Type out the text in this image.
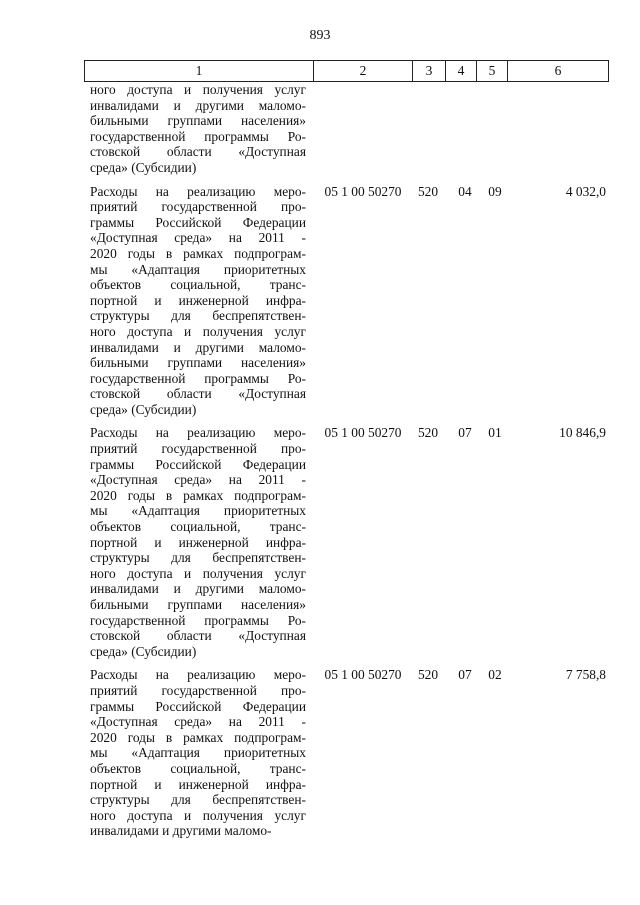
893
1	2	3	4	5	6
ного доступа и получения услуг
инвалидами и другими маломо-
бильными группами населения»
государственной программы Ро-
стовской области «Доступная
среда» (Субсидии)
Расходы на реализацию меро-
приятий государственной про-
граммы Российской Федерации
«Доступная среда» на 2011 -
2020 годы в рамках подпрограм-
мы «Адаптация приоритетных
объектов социальной, транс-
портной и инженерной инфра-
структуры для беспрепятствен-
ного доступа и получения услуг
инвалидами и другими маломо-
бильными группами населения»
государственной программы Ро-
стовской области «Доступная
среда» (Субсидии)
05 1 00 50270	520	04	09	4 032,0
Расходы на реализацию меро-
приятий государственной про-
граммы Российской Федерации
«Доступная среда» на 2011 -
2020 годы в рамках подпрограм-
мы «Адаптация приоритетных
объектов социальной, транс-
портной и инженерной инфра-
структуры для беспрепятствен-
ного доступа и получения услуг
инвалидами и другими маломо-
бильными группами населения»
государственной программы Ро-
стовской области «Доступная
среда» (Субсидии)
05 1 00 50270	520	07	01	10 846,9
Расходы на реализацию меро-
приятий государственной про-
граммы Российской Федерации
«Доступная среда» на 2011 -
2020 годы в рамках подпрограм-
мы «Адаптация приоритетных
объектов социальной, транс-
портной и инженерной инфра-
структуры для беспрепятствен-
ного доступа и получения услуг
инвалидами и другими маломо-
05 1 00 50270	520	07	02	7 758,8
